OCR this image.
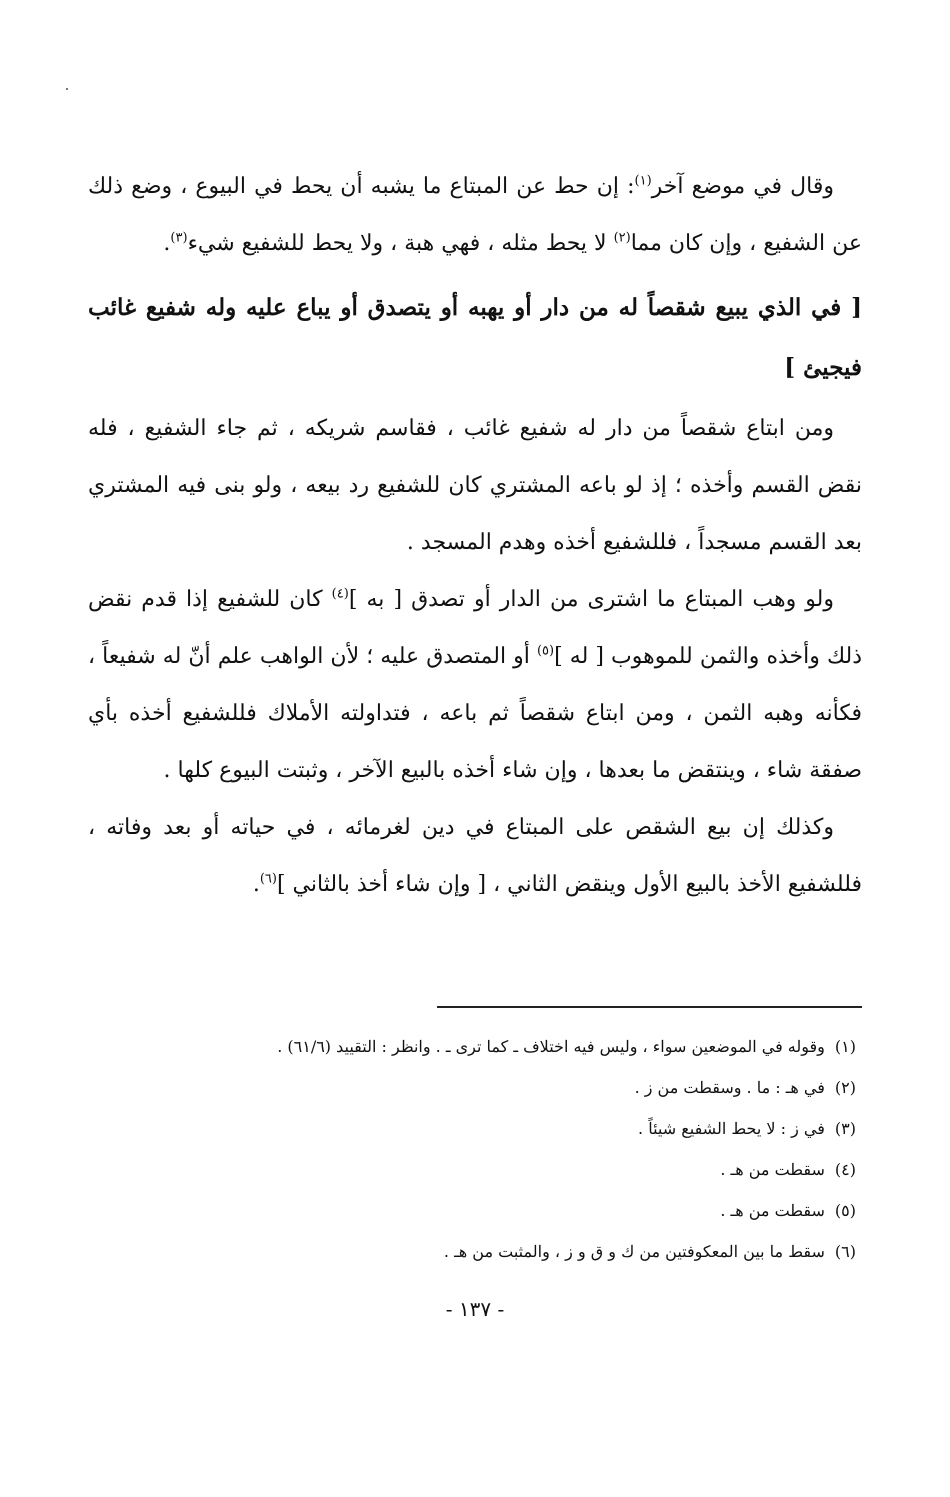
وقال في موضع آخر$^{(١)}$: إن حط عن المبتاع ما يشبه أن يحط في البيوع ، وضع ذلك عن الشفيع ، وإن كان مما$^{(٢)}$ لا يحط مثله ، فهي هبة ، ولا يحط للشفيع شيء$^{(٣)}$.

[ في الذي يبيع شقصاً له من دار أو يهبه أو يتصدق أو يباع عليه وله شفيع غائب فيجيئ ]

ومن ابتاع شقصاً من دار له شفيع غائب ، فقاسم شريكه ، ثم جاء الشفيع ، فله نقض القسم وأخذه ؛ إذ لو باعه المشتري كان للشفيع رد بيعه ، ولو بنى فيه المشتري بعد القسم مسجداً ، فللشفيع أخذه وهدم المسجد .

ولو وهب المبتاع ما اشترى من الدار أو تصدق [ به ]$^{(٤)}$ كان للشفيع إذا قدم نقض ذلك وأخذه والثمن للموهوب [ له ]$^{(٥)}$ أو المتصدق عليه ؛ لأن الواهب علم أنّ له شفيعاً ، فكأنه وهبه الثمن ، ومن ابتاع شقصاً ثم باعه ، فتداولته الأملاك فللشفيع أخذه بأي صفقة شاء ، وينتقض ما بعدها ، وإن شاء أخذه بالبيع الآخر ، وثبتت البيوع كلها .

وكذلك إن بيع الشقص على المبتاع في دين لغرمائه ، في حياته أو بعد وفاته ، فللشفيع الأخذ بالبيع الأول وينقض الثاني ، [ وإن شاء أخذ بالثاني ]$^{(٦)}$.

(١)وقوله في الموضعين سواء ، وليس فيه اختلاف ـ كما ترى ـ . وانظر : التقييد (٦١/٦) .

(٢)في هـ : ما . وسقطت من ز .

(٣)في ز : لا يحط الشفيع شيئاً .

(٤)سقطت من هـ .

(٥)سقطت من هـ .

(٦)سقط ما بين المعكوفتين من ك و ق و ز ، والمثبت من هـ .

- ١٣٧ -
